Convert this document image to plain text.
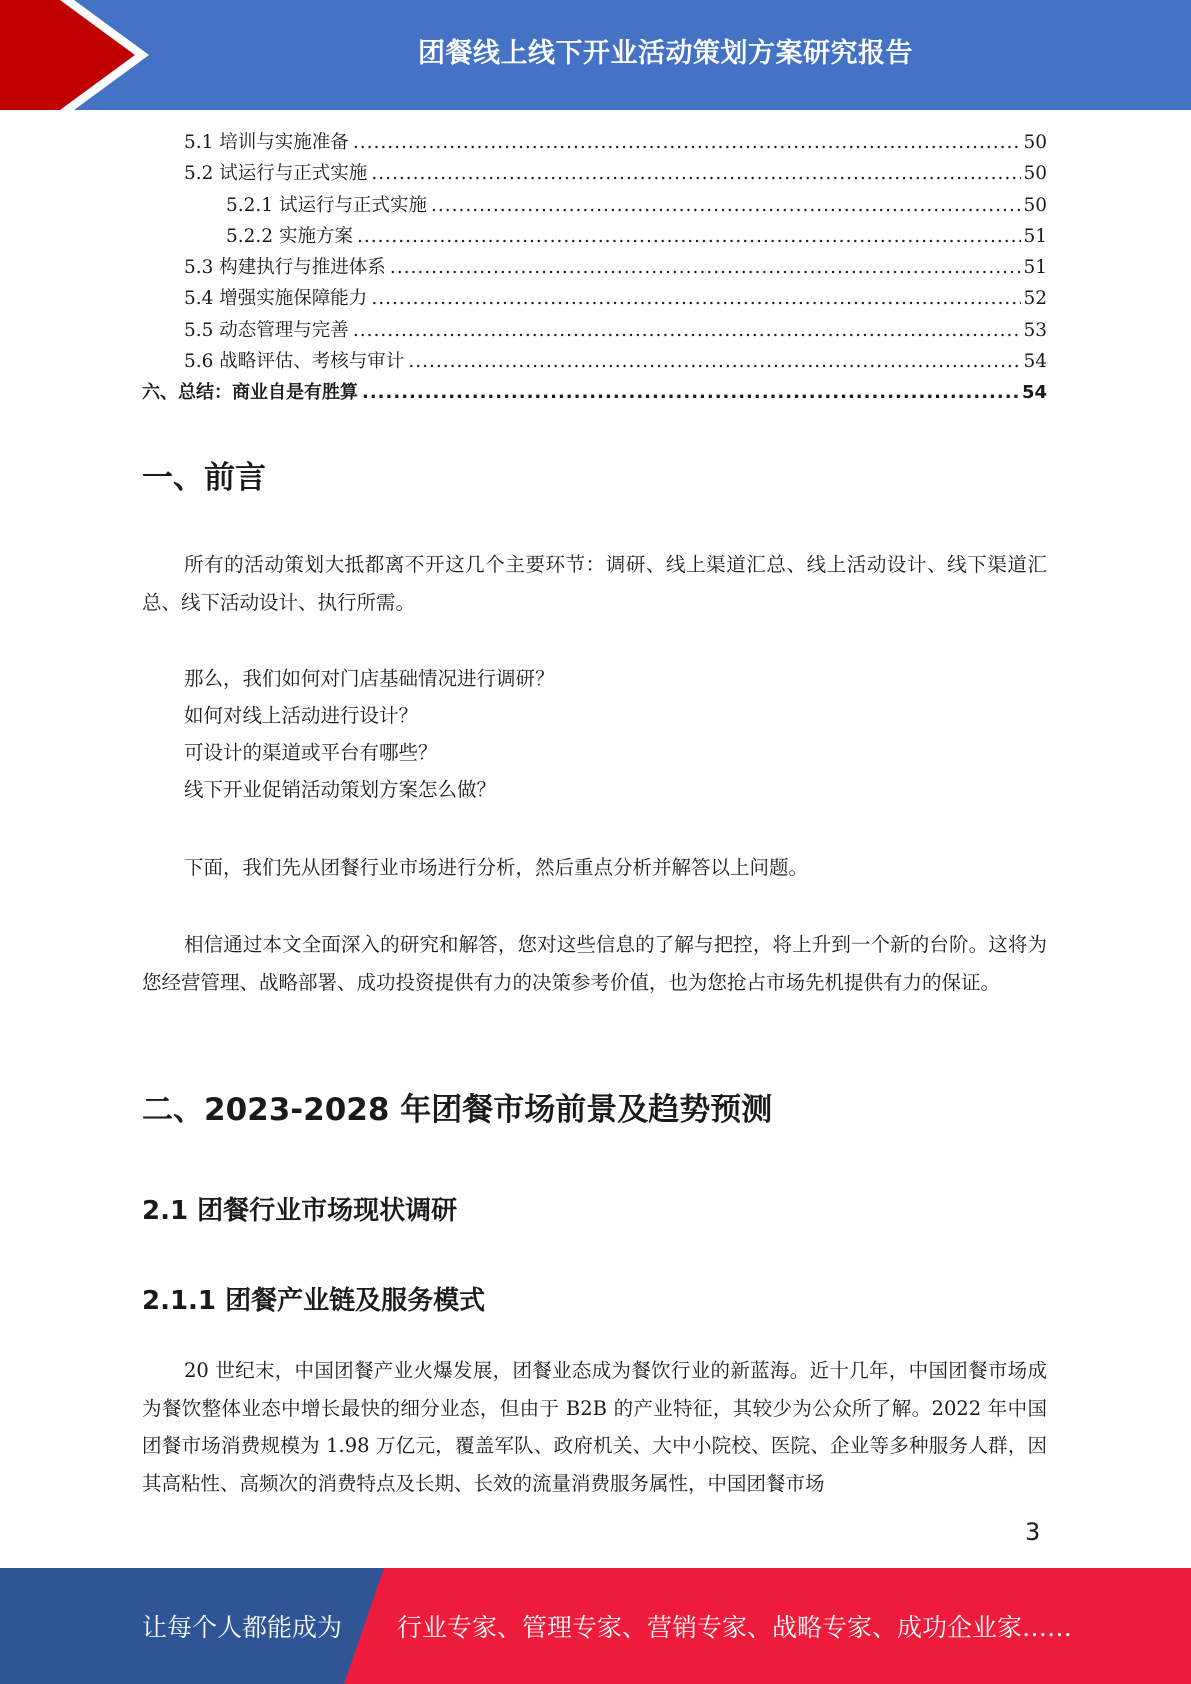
团餐线上线下开业活动策划方案研究报告
5.1 培训与实施准备 .....	50
5.2 试运行与正式实施 .....	50
5.2.1 试运行与正式实施 .....	50
5.2.2 实施方案 .....	51
5.3 构建执行与推进体系 .....	51
5.4 增强实施保障能力 .....	52
5.5 动态管理与完善 .....	53
5.6 战略评估、考核与审计 .....	54
六、总结：商业自是有胜算 .....	54
一、前言

所有的活动策划大抵都离不开这几个主要环节：调研、线上渠道汇总、线上活动设计、线下渠道汇总、线下活动设计、执行所需。

那么，我们如何对门店基础情况进行调研？

如何对线上活动进行设计？

可设计的渠道或平台有哪些？

线下开业促销活动策划方案怎么做？

下面，我们先从团餐行业市场进行分析，然后重点分析并解答以上问题。

相信通过本文全面深入的研究和解答，您对这些信息的了解与把控，将上升到一个新的台阶。这将为您经营管理、战略部署、成功投资提供有力的决策参考价值，也为您抢占市场先机提供有力的保证。

二、2023-2028 年团餐市场前景及趋势预测
2.1 团餐行业市场现状调研
2.1.1 团餐产业链及服务模式

20 世纪末，中国团餐产业火爆发展，团餐业态成为餐饮行业的新蓝海。近十几年，中国团餐市场成为餐饮整体业态中增长最快的细分业态，但由于 B2B 的产业特征，其较少为公众所了解。2022 年中国团餐市场消费规模为 1.98 万亿元，覆盖军队、政府机关、大中小院校、医院、企业等多种服务人群，因其高粘性、高频次的消费特点及长期、长效的流量消费服务属性，中国团餐市场

3
让每个人都能成为 行业专家、管理专家、营销专家、战略专家、成功企业家……
